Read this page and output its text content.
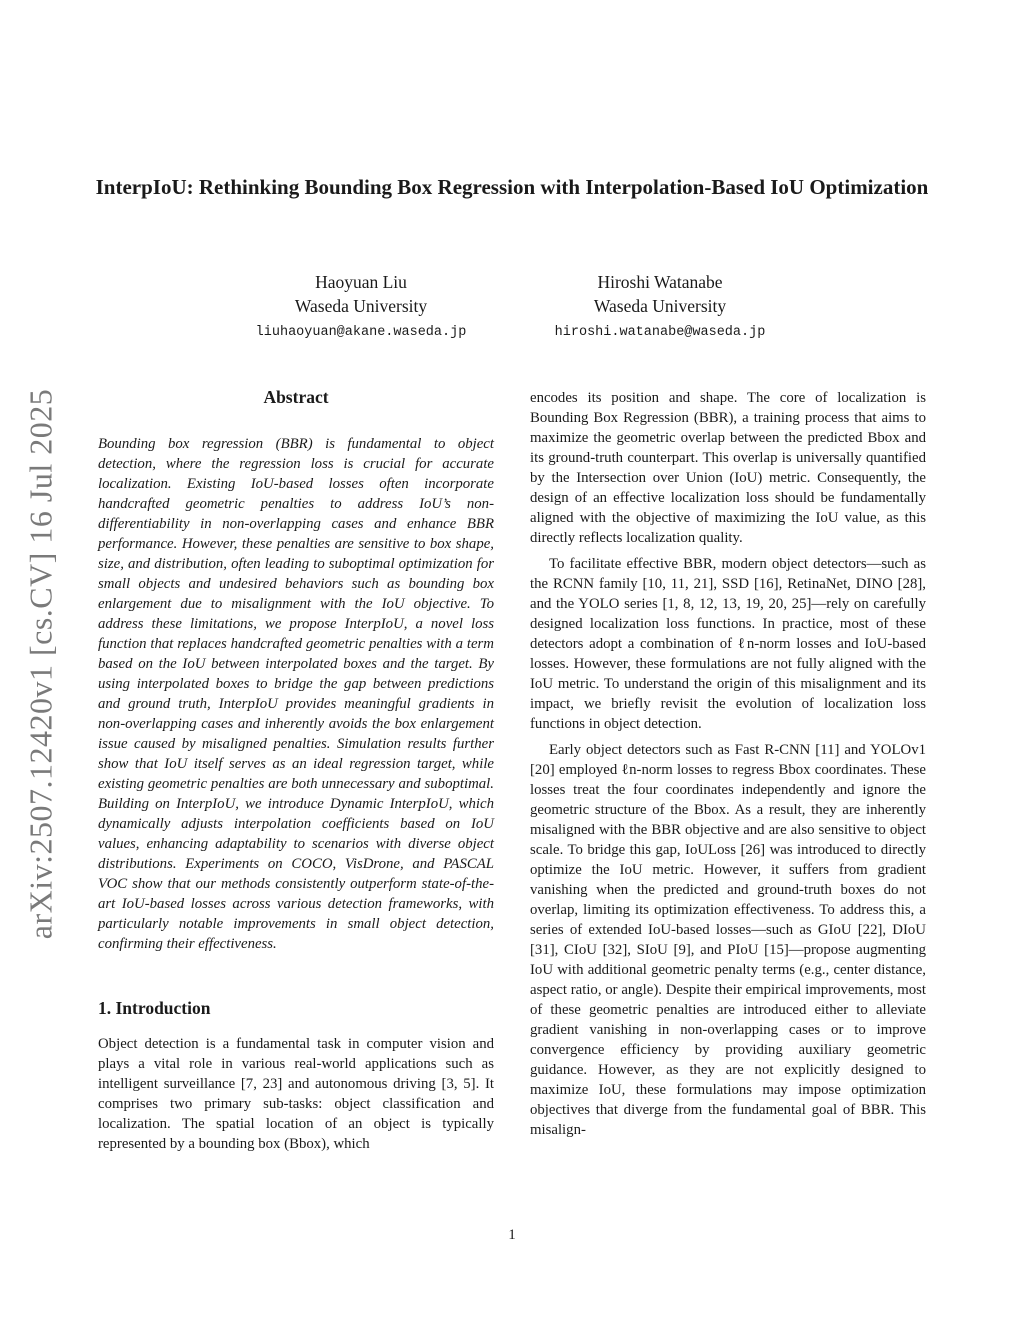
InterpIoU: Rethinking Bounding Box Regression with Interpolation-Based IoU Optimization
Haoyuan Liu
Waseda University
liuhaoyuan@akane.waseda.jp
Hiroshi Watanabe
Waseda University
hiroshi.watanabe@waseda.jp
arXiv:2507.12420v1 [cs.CV] 16 Jul 2025	Abstract

Bounding box regression (BBR) is fundamental to object detection, where the regression loss is crucial for accurate localization. Existing IoU-based losses often incorporate handcrafted geometric penalties to address IoU’s non-differentiability in non-overlapping cases and enhance BBR performance. However, these penalties are sensitive to box shape, size, and distribution, often leading to suboptimal optimization for small objects and undesired behaviors such as bounding box enlargement due to misalignment with the IoU objective. To address these limitations, we propose InterpIoU, a novel loss function that replaces handcrafted geometric penalties with a term based on the IoU between interpolated boxes and the target. By using interpolated boxes to bridge the gap between predictions and ground truth, InterpIoU provides meaningful gradients in non-overlapping cases and inherently avoids the box enlargement issue caused by misaligned penalties. Simulation results further show that IoU itself serves as an ideal regression target, while existing geometric penalties are both unnecessary and suboptimal. Building on InterpIoU, we introduce Dynamic InterpIoU, which dynamically adjusts interpolation coefficients based on IoU values, enhancing adaptability to scenarios with diverse object distributions. Experiments on COCO, VisDrone, and PASCAL VOC show that our methods consistently outperform state-of-the-art IoU-based losses across various detection frameworks, with particularly notable improvements in small object detection, confirming their effectiveness.

1. Introduction

Object detection is a fundamental task in computer vision and plays a vital role in various real-world applications such as intelligent surveillance [7, 23] and autonomous driving [3, 5]. It comprises two primary sub-tasks: object classification and localization. The spatial location of an object is typically represented by a bounding box (Bbox), which

encodes its position and shape. The core of localization is Bounding Box Regression (BBR), a training process that aims to maximize the geometric overlap between the predicted Bbox and its ground-truth counterpart. This overlap is universally quantified by the Intersection over Union (IoU) metric. Consequently, the design of an effective localization loss should be fundamentally aligned with the objective of maximizing the IoU value, as this directly reflects localization quality.

To facilitate effective BBR, modern object detectors—such as the RCNN family [10, 11, 21], SSD [16], RetinaNet, DINO [28], and the YOLO series [1, 8, 12, 13, 19, 20, 25]—rely on carefully designed localization loss functions. In practice, most of these detectors adopt a combination of ℓn-norm losses and IoU-based losses. However, these formulations are not fully aligned with the IoU metric. To understand the origin of this misalignment and its impact, we briefly revisit the evolution of localization loss functions in object detection.

Early object detectors such as Fast R-CNN [11] and YOLOv1 [20] employed ℓn-norm losses to regress Bbox coordinates. These losses treat the four coordinates independently and ignore the geometric structure of the Bbox. As a result, they are inherently misaligned with the BBR objective and are also sensitive to object scale. To bridge this gap, IoULoss [26] was introduced to directly optimize the IoU metric. However, it suffers from gradient vanishing when the predicted and ground-truth boxes do not overlap, limiting its optimization effectiveness. To address this, a series of extended IoU-based losses—such as GIoU [22], DIoU [31], CIoU [32], SIoU [9], and PIoU [15]—propose augmenting IoU with additional geometric penalty terms (e.g., center distance, aspect ratio, or angle). Despite their empirical improvements, most of these geometric penalties are introduced either to alleviate gradient vanishing in non-overlapping cases or to improve convergence efficiency by providing auxiliary geometric guidance. However, as they are not explicitly designed to maximize IoU, these formulations may impose optimization objectives that diverge from the fundamental goal of BBR. This misalign-

1
